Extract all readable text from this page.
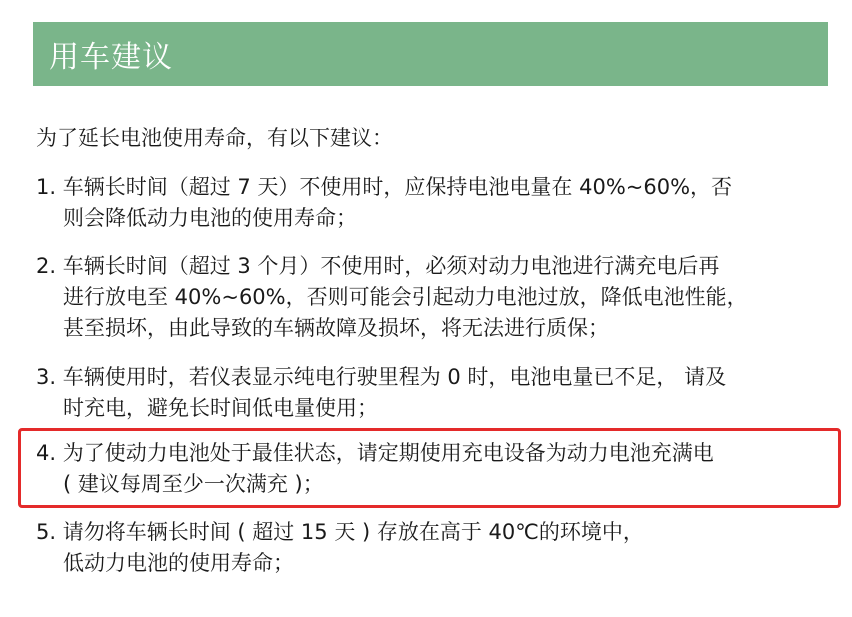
用车建议
为了延长电池使用寿命，有以下建议：
1. 车辆长时间（超过 7 天）不使用时，应保持电池电量在 40%~60%，否
则会降低动力电池的使用寿命；
2. 车辆长时间（超过 3 个月）不使用时，必须对动力电池进行满充电后再
进行放电至 40%~60%，否则可能会引起动力电池过放，降低电池性能，
甚至损坏，由此导致的车辆故障及损坏，将无法进行质保；
3. 车辆使用时，若仪表显示纯电行驶里程为 0 时，电池电量已不足， 请及
时充电，避免长时间低电量使用；
4. 为了使动力电池处于最佳状态，请定期使用充电设备为动力电池充满电
( 建议每周至少一次满充 )；
5. 请勿将车辆长时间 ( 超过 15 天 ) 存放在高于 40℃的环境中，
低动力电池的使用寿命；
